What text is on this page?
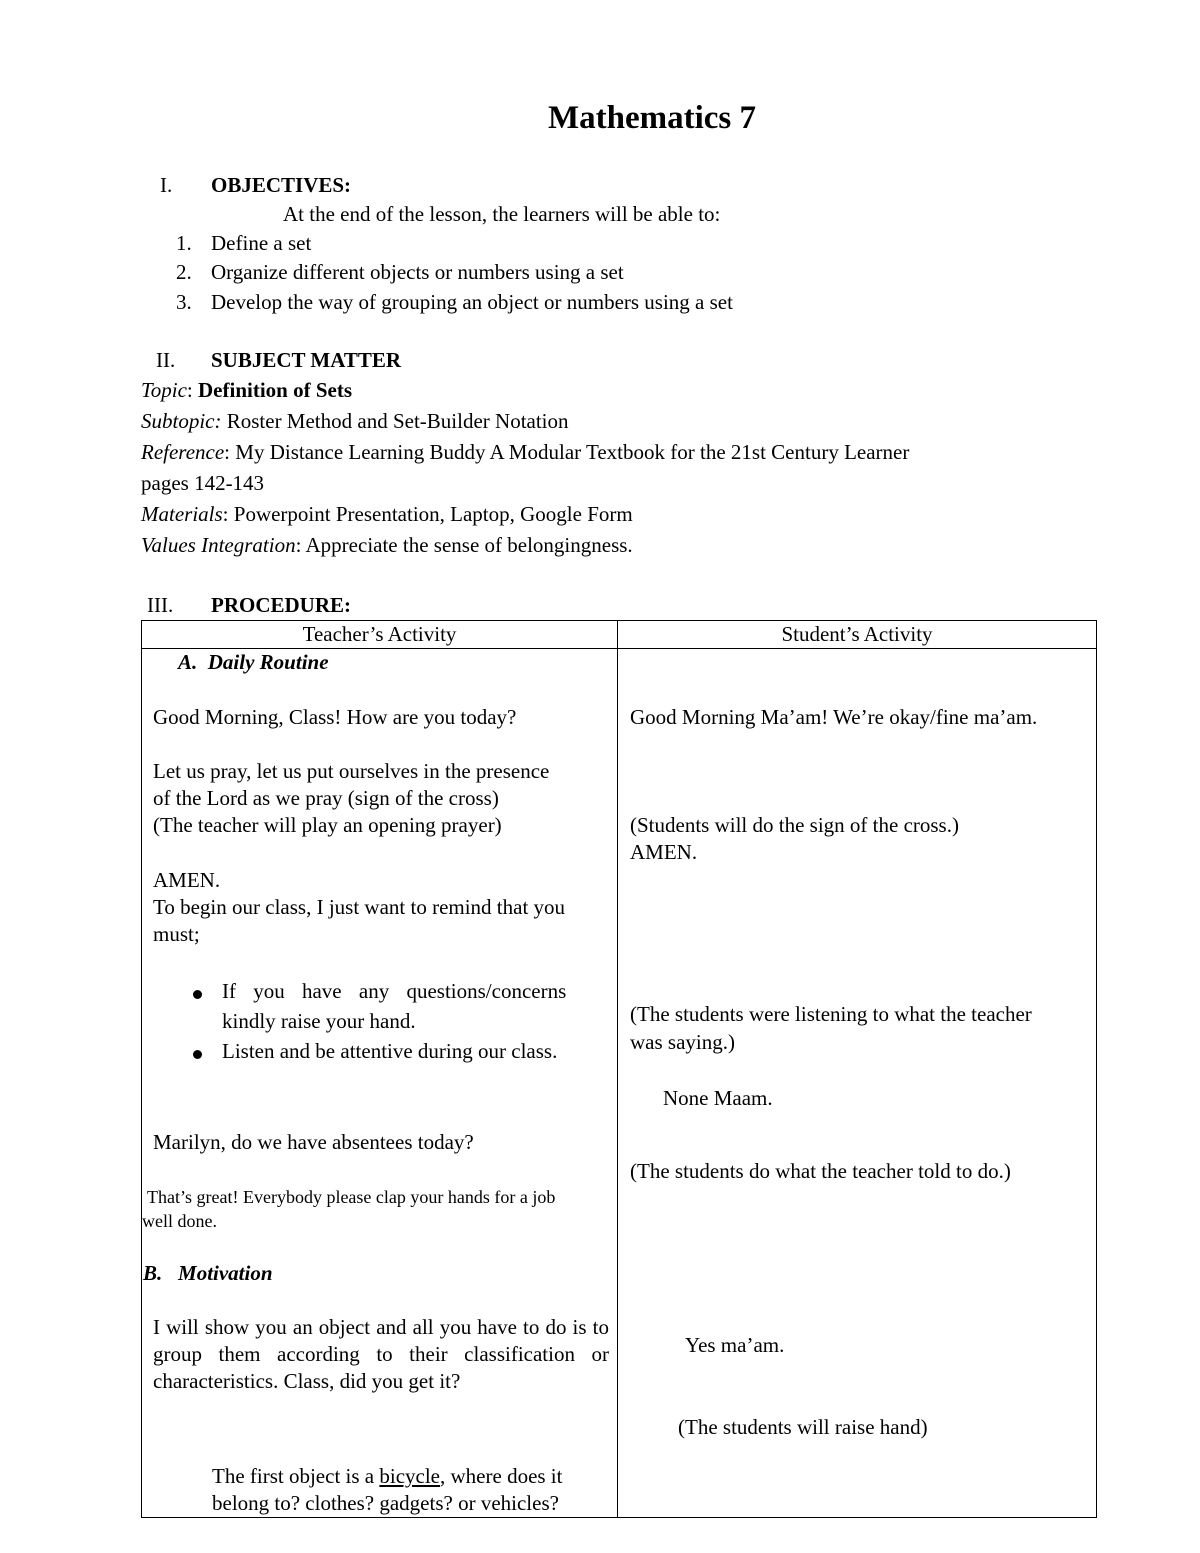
Mathematics 7
I. OBJECTIVES:
At the end of the lesson, the learners will be able to:
1. Define a set
2. Organize different objects or numbers using a set
3. Develop the way of grouping an object or numbers using a set
II. SUBJECT MATTER
Topic: Definition of Sets
Subtopic: Roster Method and Set-Builder Notation
Reference: My Distance Learning Buddy A Modular Textbook for the 21st Century Learner
pages 142-143
Materials: Powerpoint Presentation, Laptop, Google Form
Values Integration: Appreciate the sense of belongingness.
III. PROCEDURE:
Teacher’s Activity	Student’s Activity
A. Daily Routine
Good Morning, Class! How are you today?
Let us pray, let us put ourselves in the presence
of the Lord as we pray (sign of the cross)
(The teacher will play an opening prayer)
AMEN.
To begin our class, I just want to remind that you
must;
If you have any questions/concerns
kindly raise your hand.
Listen and be attentive during our class.
Marilyn, do we have absentees today?
That’s great! Everybody please clap your hands for a job
well done.
B. Motivation
I will show you an object and all you have to do is to group them according to their classification or characteristics. Class, did you get it?
The first object is a bicycle, where does it
belong to? clothes? gadgets? or vehicles?
Good Morning Ma’am! We’re okay/fine ma’am.
(Students will do the sign of the cross.)
AMEN.
(The students were listening to what the teacher
was saying.)
None Maam.
(The students do what the teacher told to do.)
Yes ma’am.
(The students will raise hand)
